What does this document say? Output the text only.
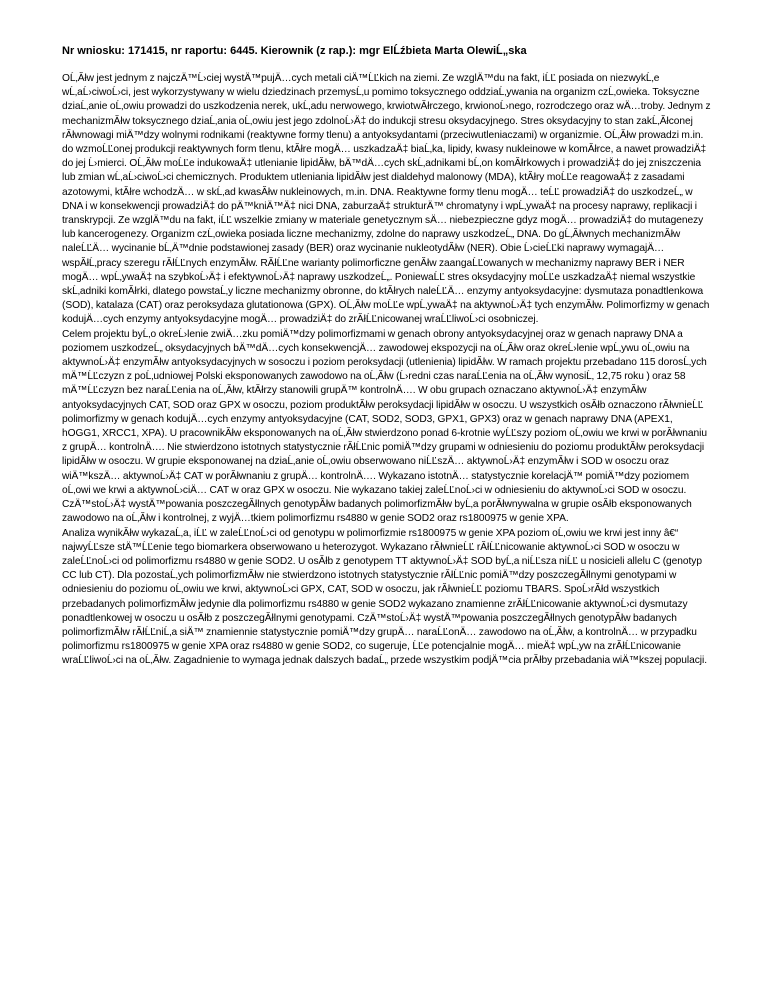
Nr wniosku: 171415, nr raportu: 6445. Kierownik (z rap.): mgr ElĹźbieta Marta OlewiĹ„ska

OĹ‚Ăłw jest jednym z najczÄ™Ĺ›ciej wystÄ™pujÄ…cych metali ciÄ™ĹĽkich na ziemi. Ze wzglÄ™du na fakt, iĹĽ posiada on niezwykĹ‚e wĹ‚aĹ›ciwoĹ›ci, jest wykorzystywany w wielu dziedzinach przemysĹ‚u pomimo toksycznego oddziaĹ‚ywania na organizm czĹ‚owieka. Toksyczne dziaĹ‚anie oĹ‚owiu prowadzi do uszkodzenia nerek, ukĹ‚adu nerwowego, krwiotwĂłrczego, krwionoĹ›nego, rozrodczego oraz wÄ…troby. Jednym z mechanizmĂłw toksycznego dziaĹ‚ania oĹ‚owiu jest jego zdolnoĹ›Ä‡ do indukcji stresu oksydacyjnego. Stres oksydacyjny to stan zakĹ‚Ăłconej rĂłwnowagi miÄ™dzy wolnymi rodnikami (reaktywne formy tlenu) a antyoksydantami (przeciwutleniaczami) w organizmie. OĹ‚Ăłw prowadzi m.in. do wzmoĹĽonej produkcji reaktywnych form tlenu, ktĂłre mogÄ… uszkadzaÄ‡ biaĹ‚ka, lipidy, kwasy nukleinowe w komĂłrce, a nawet prowadziÄ‡ do jej Ĺ›mierci. OĹ‚Ăłw moĹĽe indukowaÄ‡ utlenianie lipidĂłw, bÄ™dÄ…cych skĹ‚adnikami bĹ‚on komĂłrkowych i prowadziÄ‡ do jej zniszczenia lub zmian wĹ‚aĹ›ciwoĹ›ci chemicznych. Produktem utleniania lipidĂłw jest dialdehyd malonowy (MDA), ktĂłry moĹĽe reagowaÄ‡ z zasadami azotowymi, ktĂłre wchodzÄ… w skĹ‚ad kwasĂłw nukleinowych, m.in. DNA. Reaktywne formy tlenu mogÄ… teĹĽ prowadziÄ‡ do uszkodzeĹ„ w DNA i w konsekwencji prowadziÄ‡ do pÄ™kniÄ™Ä‡ nici DNA, zaburzaÄ‡ strukturÄ™ chromatyny i wpĹ‚ywaÄ‡ na procesy naprawy, replikacji i transkrypcji. Ze wzglÄ™du na fakt, iĹĽ wszelkie zmiany w materiale genetycznym sÄ… niebezpieczne gdyz mogÄ… prowadziÄ‡ do mutagenezy lub kancerogenezy. Organizm czĹ‚owieka posiada liczne mechanizmy, zdolne do naprawy uszkodzeĹ„ DNA. Do gĹ‚Ăłwnych mechanizmĂłw naleĹĽÄ… wycinanie bĹ‚Ä™dnie podstawionej zasady (BER) oraz wycinanie nukleotydĂłw (NER). Obie Ĺ›cieĹĽki naprawy wymagajÄ… wspĂłĹ‚pracy szeregu rĂłĹĽnych enzymĂłw. RĂłĹĽne warianty polimorficzne genĂłw zaangaĹĽowanych w mechanizmy naprawy BER i NER mogÄ… wpĹ‚ywaÄ‡ na szybkoĹ›Ä‡ i efektywnoĹ›Ä‡ naprawy uszkodzeĹ„. PoniewaĹĽ stres oksydacyjny moĹĽe uszkadzaÄ‡ niemal wszystkie skĹ‚adniki komĂłrki, dlatego powstaĹ‚y liczne mechanizmy obronne, do ktĂłrych naleĹĽÄ… enzymy antyoksydacyjne: dysmutaza ponadtlenkowa (SOD), katalaza (CAT) oraz peroksydaza glutationowa (GPX). OĹ‚Ăłw moĹĽe wpĹ‚ywaÄ‡ na aktywnoĹ›Ä‡ tych enzymĂłw. Polimorfizmy w genach kodujÄ…cych enzymy antyoksydacyjne mogÄ… prowadziÄ‡ do zrĂłĹĽnicowanej wraĹĽliwoĹ›ci osobniczej.

Celem projektu byĹ‚o okreĹ›lenie zwiÄ…zku pomiÄ™dzy polimorfizmami w genach obrony antyoksydacyjnej oraz w genach naprawy DNA a poziomem uszkodzeĹ„ oksydacyjnych bÄ™dÄ…cych konsekwencjÄ… zawodowej ekspozycji na oĹ‚Ăłw oraz okreĹ›lenie wpĹ‚ywu oĹ‚owiu na aktywnoĹ›Ä‡ enzymĂłw antyoksydacyjnych w sosoczu i poziom peroksydacji (utlenienia) lipidĂłw. W ramach projektu przebadano 115 dorosĹ‚ych mÄ™ĹĽczyzn z poĹ‚udniowej Polski eksponowanych zawodowo na oĹ‚Ăłw (Ĺ›redni czas naraĹĽenia na oĹ‚Ăłw wynosiĹ‚ 12,75 roku ) oraz 58 mÄ™ĹĽczyzn bez naraĹĽenia na oĹ‚Ăłw, ktĂłrzy stanowili grupÄ™ kontrolnÄ…. W obu grupach oznaczano aktywnoĹ›Ä‡ enzymĂłw antyoksydacyjnych CAT, SOD oraz GPX w osoczu, poziom produktĂłw peroksydacji lipidĂłw w osoczu. U wszystkich osĂłb oznaczono rĂłwnieĹĽ polimorfizmy w genach kodujÄ…cych enzymy antyoksydacyjne (CAT, SOD2, SOD3, GPX1, GPX3) oraz w genach naprawy DNA (APEX1, hOGG1, XRCC1, XPA). U pracownikĂłw eksponowanych na oĹ‚Ăłw stwierdzono ponad 6-krotnie wyĹĽszy poziom oĹ‚owiu we krwi w porĂłwnaniu z grupÄ… kontrolnÄ…. Nie stwierdzono istotnych statystycznie rĂłĹĽnic pomiÄ™dzy grupami w odniesieniu do poziomu produktĂłw peroksydacji lipidĂłw w osoczu. W grupie eksponowanej na dziaĹ‚anie oĹ‚owiu obserwowano niĹĽszÄ… aktywnoĹ›Ä‡ enzymĂłw i SOD w osoczu oraz wiÄ™kszÄ… aktywnoĹ›Ä‡ CAT w porĂłwnaniu z grupÄ… kontrolnÄ…. Wykazano istotnÄ… statystycznie korelacjÄ™ pomiÄ™dzy poziomem oĹ‚owi we krwi a aktywnoĹ›ciÄ… CAT w oraz GPX w osoczu. Nie wykazano takiej zaleĹĽnoĹ›ci w odniesieniu do aktywnoĹ›ci SOD w osoczu. CzÄ™stoĹ›Ä‡ wystÄ™powania poszczegĂłlnych genotypĂłw badanych polimorfizmĂłw byĹ‚a porĂłwnywalna w grupie osĂłb eksponowanych zawodowo na oĹ‚Ăłw i kontrolnej, z wyjÄ…tkiem polimorfizmu rs4880 w genie SOD2 oraz rs1800975 w genie XPA.

Analiza wynikĂłw wykazaĹ‚a, iĹĽ w zaleĹĽnoĹ›ci od genotypu w polimorfizmie rs1800975 w genie XPA poziom oĹ‚owiu we krwi jest inny â€“ najwyĹĽsze stÄ™ĹĽenie tego biomarkera obserwowano u heterozygot. Wykazano rĂłwnieĹĽ rĂłĹĽnicowanie aktywnoĹ›ci SOD w osoczu w zaleĹĽnoĹ›ci od polimorfizmu rs4880 w genie SOD2. U osĂłb z genotypem TT aktywnoĹ›Ä‡ SOD byĹ‚a niĹĽsza niĹĽ u nosicieli allelu C (genotyp CC lub CT). Dla pozostaĹ‚ych polimorfizmĂłw nie stwierdzono istotnych statystycznie rĂłĹĽnic pomiÄ™dzy poszczegĂłlnymi genotypami w odniesieniu do poziomu oĹ‚owiu we krwi, aktywnoĹ›ci GPX, CAT, SOD w osoczu, jak rĂłwnieĹĽ poziomu TBARS. SpoĹ›rĂłd wszystkich przebadanych polimorfizmĂłw jedynie dla polimorfizmu rs4880 w genie SOD2 wykazano znamienne zrĂłĹĽnicowanie aktywnoĹ›ci dysmutazy ponadtlenkowej w osoczu u osĂłb z poszczegĂłlnymi genotypami. CzÄ™stoĹ›Ä‡ wystÄ™powania poszczegĂłlnych genotypĂłw badanych polimorfizmĂłw rĂłĹĽniĹ‚a siÄ™ znamiennie statystycznie pomiÄ™dzy grupÄ… naraĹĽonÄ… zawodowo na oĹ‚Ăłw, a kontrolnÄ… w przypadku polimorfizmu rs1800975 w genie XPA oraz rs4880 w genie SOD2, co sugeruje, ĹĽe potencjalnie mogÄ… mieÄ‡ wpĹ‚yw na zrĂłĹĽnicowanie wraĹĽliwoĹ›ci na oĹ‚Ăłw. Zagadnienie to wymaga jednak dalszych badaĹ„ przede wszystkim podjÄ™cia prĂłby przebadania wiÄ™kszej populacji.
